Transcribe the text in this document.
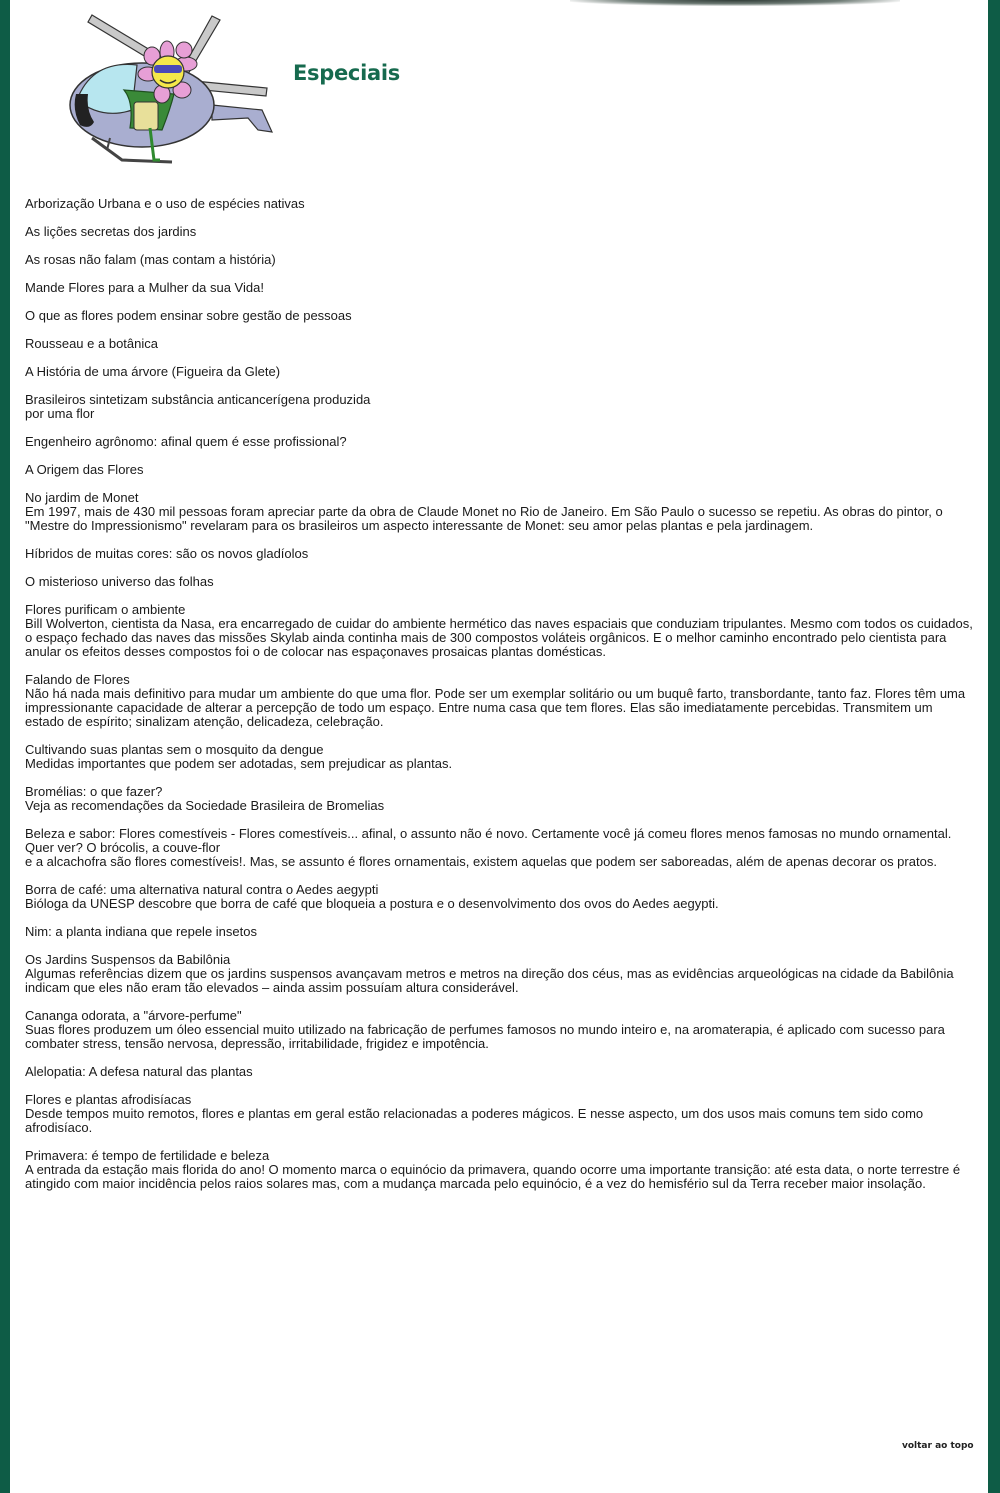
Especiais
Arborização Urbana e o uso de espécies nativas
As lições secretas dos jardins
As rosas não falam (mas contam a história)
Mande Flores para a Mulher da sua Vida!
O que as flores podem ensinar sobre gestão de pessoas
Rousseau e a botânica
A História de uma árvore (Figueira da Glete)
Brasileiros sintetizam substância anticancerígena produzida
por uma flor
Engenheiro agrônomo: afinal quem é esse profissional?
A Origem das Flores
No jardim de Monet
Em 1997, mais de 430 mil pessoas foram apreciar parte da obra de Claude Monet no Rio de Janeiro. Em São Paulo o sucesso se repetiu. As obras do pintor, o "Mestre do Impressionismo" revelaram para os brasileiros um aspecto interessante de Monet: seu amor pelas plantas e pela jardinagem.
Híbridos de muitas cores: são os novos gladíolos
O misterioso universo das folhas
Flores purificam o ambiente
Bill Wolverton, cientista da Nasa, era encarregado de cuidar do ambiente hermético das naves espaciais que conduziam tripulantes. Mesmo com todos os cuidados, o espaço fechado das naves das missões Skylab ainda continha mais de 300 compostos voláteis orgânicos. E o melhor caminho encontrado pelo cientista para anular os efeitos desses compostos foi o de colocar nas espaçonaves prosaicas plantas domésticas.
Falando de Flores
Não há nada mais definitivo para mudar um ambiente do que uma flor. Pode ser um exemplar solitário ou um buquê farto, transbordante, tanto faz. Flores têm uma impressionante capacidade de alterar a percepção de todo um espaço. Entre numa casa que tem flores. Elas são imediatamente percebidas. Transmitem um estado de espírito; sinalizam atenção, delicadeza, celebração.
Cultivando suas plantas sem o mosquito da dengue
Medidas importantes que podem ser adotadas, sem prejudicar as plantas.
Bromélias: o que fazer?
Veja as recomendações da Sociedade Brasileira de Bromelias
Beleza e sabor: Flores comestíveis - Flores comestíveis... afinal, o assunto não é novo. Certamente você já comeu flores menos famosas no mundo ornamental. Quer ver? O brócolis, a couve-flor
e a alcachofra são flores comestíveis!. Mas, se assunto é flores ornamentais, existem aquelas que podem ser saboreadas, além de apenas decorar os pratos.
Borra de café: uma alternativa natural contra o Aedes aegypti
Bióloga da UNESP descobre que borra de café que bloqueia a postura e o desenvolvimento dos ovos do Aedes aegypti.
Nim: a planta indiana que repele insetos
Os Jardins Suspensos da Babilônia
Algumas referências dizem que os jardins suspensos avançavam metros e metros na direção dos céus, mas as evidências arqueológicas na cidade da Babilônia indicam que eles não eram tão elevados – ainda assim possuíam altura considerável.
Cananga odorata, a "árvore-perfume"
Suas flores produzem um óleo essencial muito utilizado na fabricação de perfumes famosos no mundo inteiro e, na aromaterapia, é aplicado com sucesso para combater stress, tensão nervosa, depressão, irritabilidade, frigidez e impotência.
Alelopatia: A defesa natural das plantas
Flores e plantas afrodisíacas
Desde tempos muito remotos, flores e plantas em geral estão relacionadas a poderes mágicos. E nesse aspecto, um dos usos mais comuns tem sido como afrodisíaco.
Primavera: é tempo de fertilidade e beleza
A entrada da estação mais florida do ano! O momento marca o equinócio da primavera, quando ocorre uma importante transição: até esta data, o norte terrestre é atingido com maior incidência pelos raios solares mas, com a mudança marcada pelo equinócio, é a vez do hemisfério sul da Terra receber maior insolação.
voltar ao topo
